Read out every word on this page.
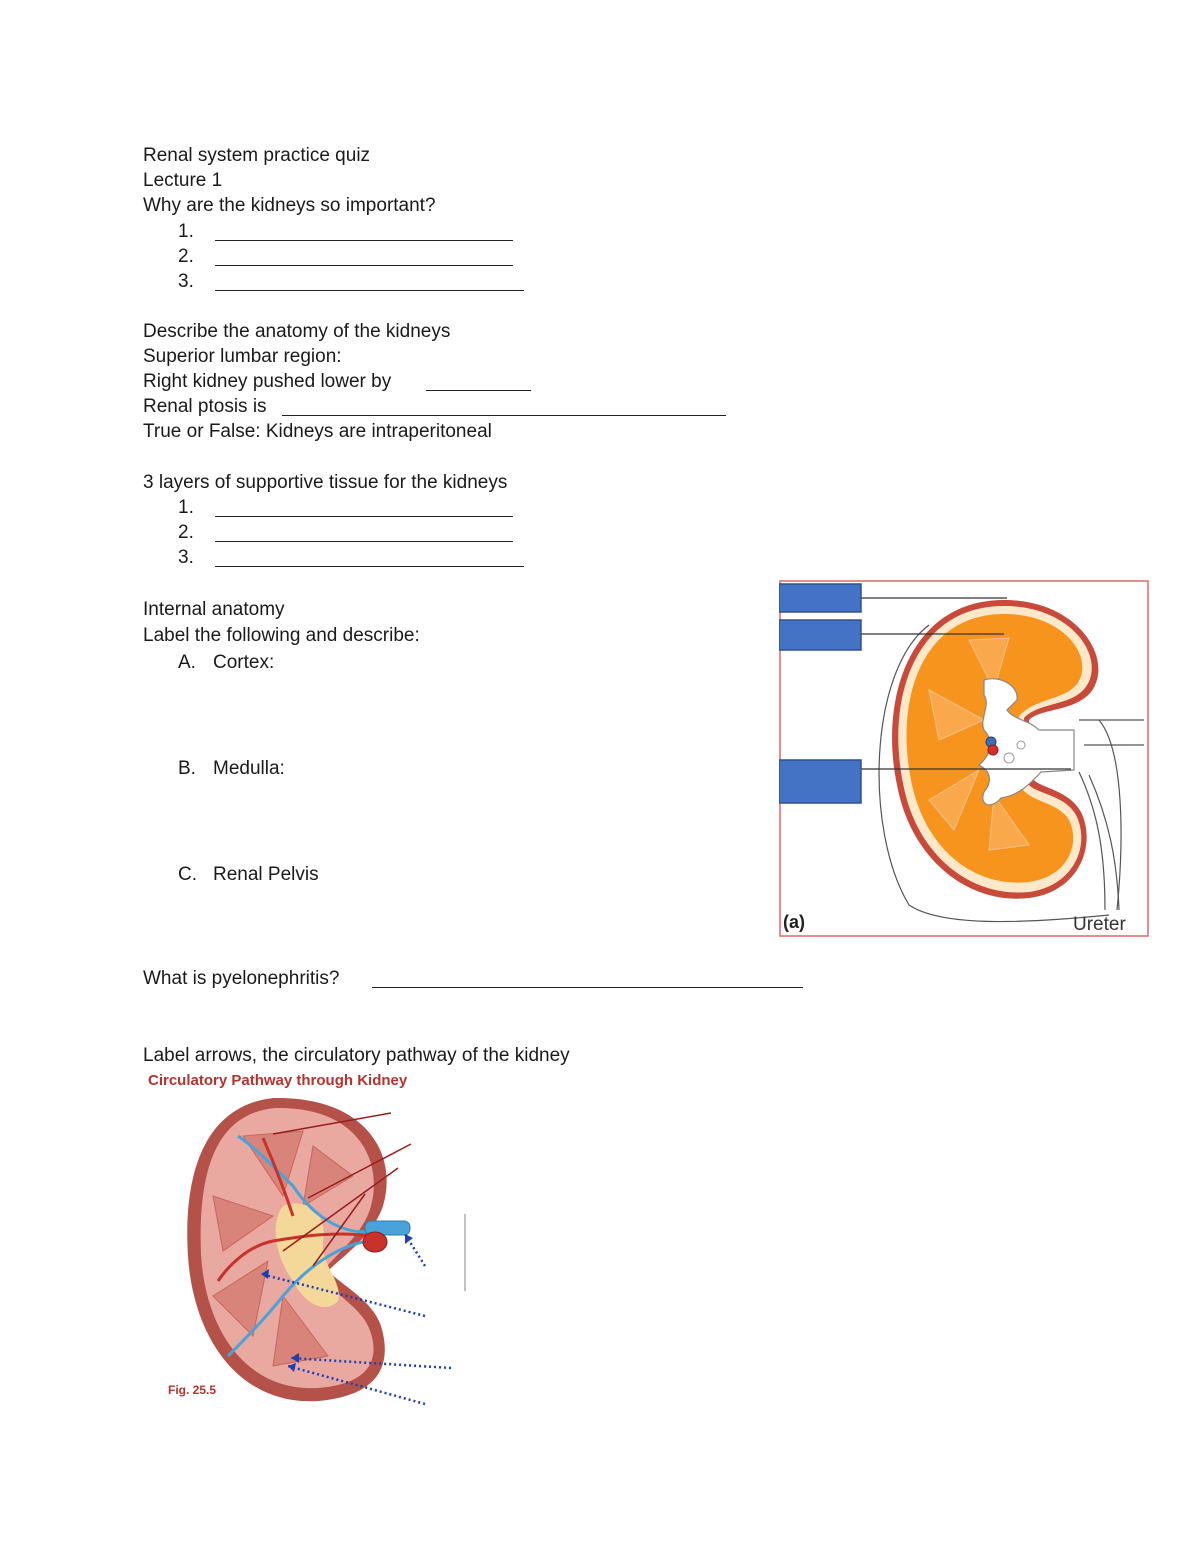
Renal system practice quiz
Lecture 1
Why are the kidneys so important?
1.
2.
3.
Describe the anatomy of the kidneys
Superior lumbar region:
Right kidney pushed lower by
Renal ptosis is
True or False: Kidneys are intraperitoneal
3 layers of supportive tissue for the kidneys
1.
2.
3.
Internal anatomy
Label the following and describe:
A. Cortex:
B. Medulla:
C. Renal Pelvis
What is pyelonephritis?
Label arrows, the circulatory pathway of the kidney
(a)	Ureter
Circulatory Pathway through Kidney
Fig. 25.5
